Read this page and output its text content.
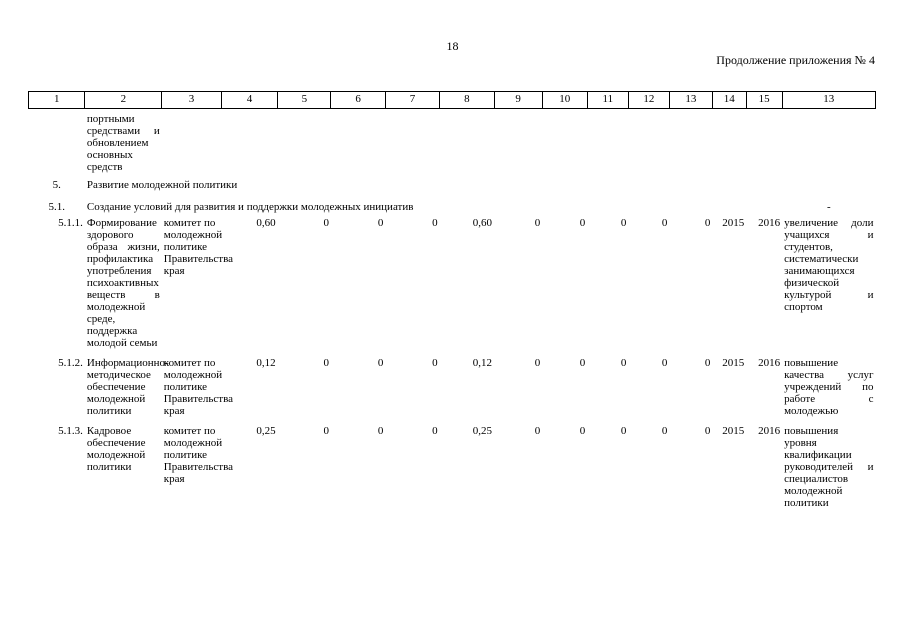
18
Продолжение приложения № 4
1	2	3	4	5	6	7	8	9	10	11	12	13	14	15	13
	портными средствами и обновлением основных средств														
5.	Развитие молодежной политики														
5.1.	Создание условий для развития и поддержки молодежных инициатив														-
5.1.1.	Формирование здорового образа жизни, профилактика употребления психоактивных веществ в молодежной среде, поддержка молодой семьи	комитет по молодежной политике Правительства края	0,60	0	0	0	0,60	0	0	0	0	0	2015	2016	увеличение доли учащихся и студентов, систематически занимающихся физической культурой и спортом
5.1.2.	Информационно-методическое обеспечение молодежной политики	комитет по молодежной политике Правительства края	0,12	0	0	0	0,12	0	0	0	0	0	2015	2016	повышение качества услуг учреждений по работе с молодежью
5.1.3.	Кадровое обеспечение молодежной политики	комитет по молодежной политике Правительства края	0,25	0	0	0	0,25	0	0	0	0	0	2015	2016	повышения уровня квалификации руководителей и специалистов молодежной политики
